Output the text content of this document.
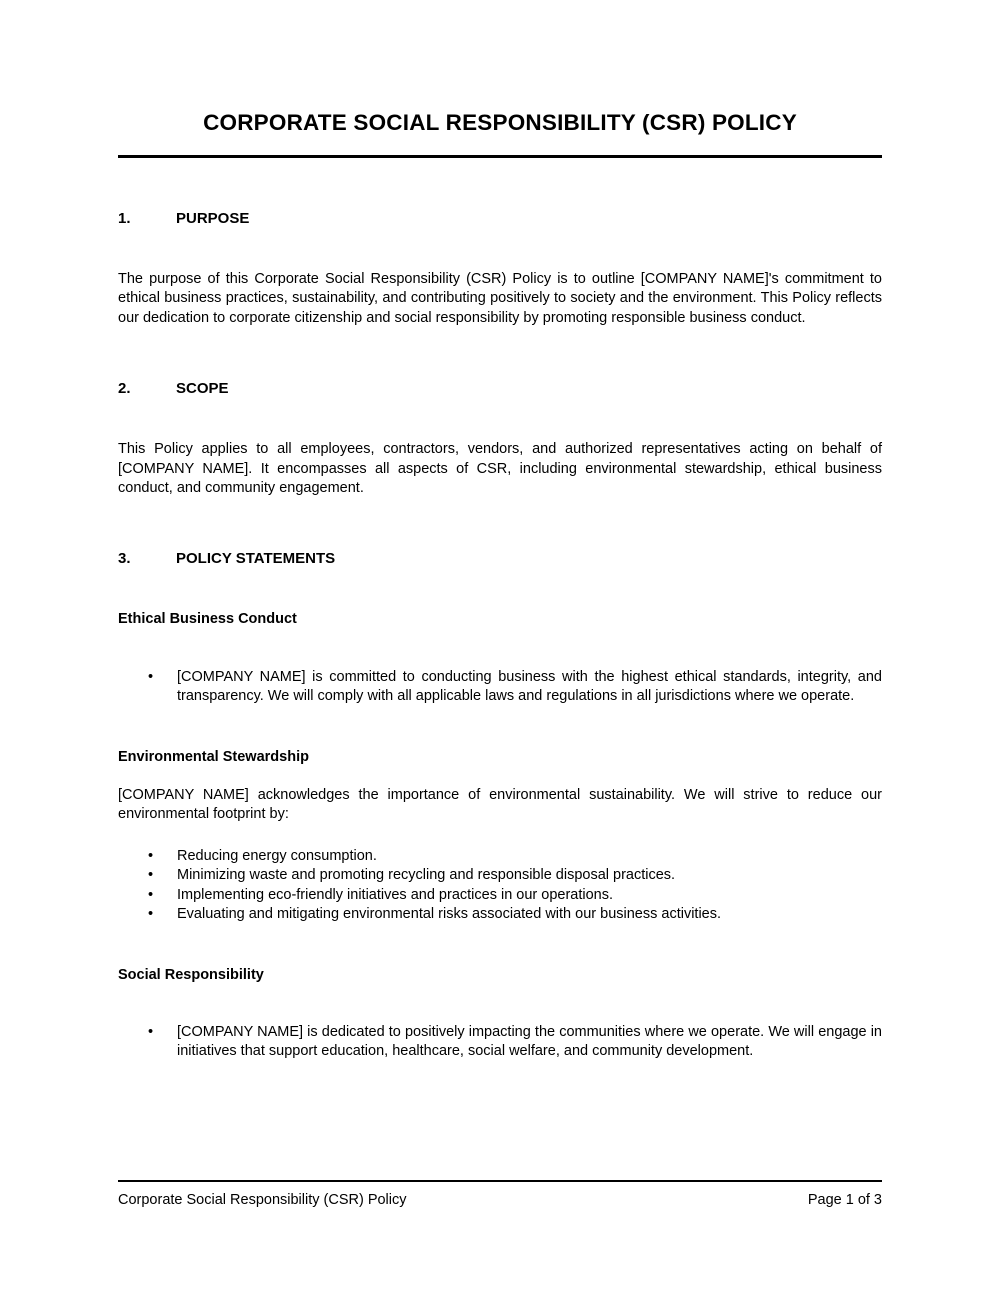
CORPORATE SOCIAL RESPONSIBILITY (CSR) POLICY
1.	PURPOSE

The purpose of this Corporate Social Responsibility (CSR) Policy is to outline [COMPANY NAME]'s commitment to ethical business practices, sustainability, and contributing positively to society and the environment. This Policy reflects our dedication to corporate citizenship and social responsibility by promoting responsible business conduct.

2.	SCOPE

This Policy applies to all employees, contractors, vendors, and authorized representatives acting on behalf of [COMPANY NAME]. It encompasses all aspects of CSR, including environmental stewardship, ethical business conduct, and community engagement.

3.	POLICY STATEMENTS
Ethical Business Conduct
• [COMPANY NAME] is committed to conducting business with the highest ethical standards, integrity, and transparency. We will comply with all applicable laws and regulations in all jurisdictions where we operate.
Environmental Stewardship

[COMPANY NAME] acknowledges the importance of environmental sustainability. We will strive to reduce our environmental footprint by:

• Reducing energy consumption.
• Minimizing waste and promoting recycling and responsible disposal practices.
• Implementing eco-friendly initiatives and practices in our operations.
• Evaluating and mitigating environmental risks associated with our business activities.
Social Responsibility
• [COMPANY NAME] is dedicated to positively impacting the communities where we operate. We will engage in initiatives that support education, healthcare, social welfare, and community development.
Corporate Social Responsibility (CSR) Policy	Page 1 of 3
